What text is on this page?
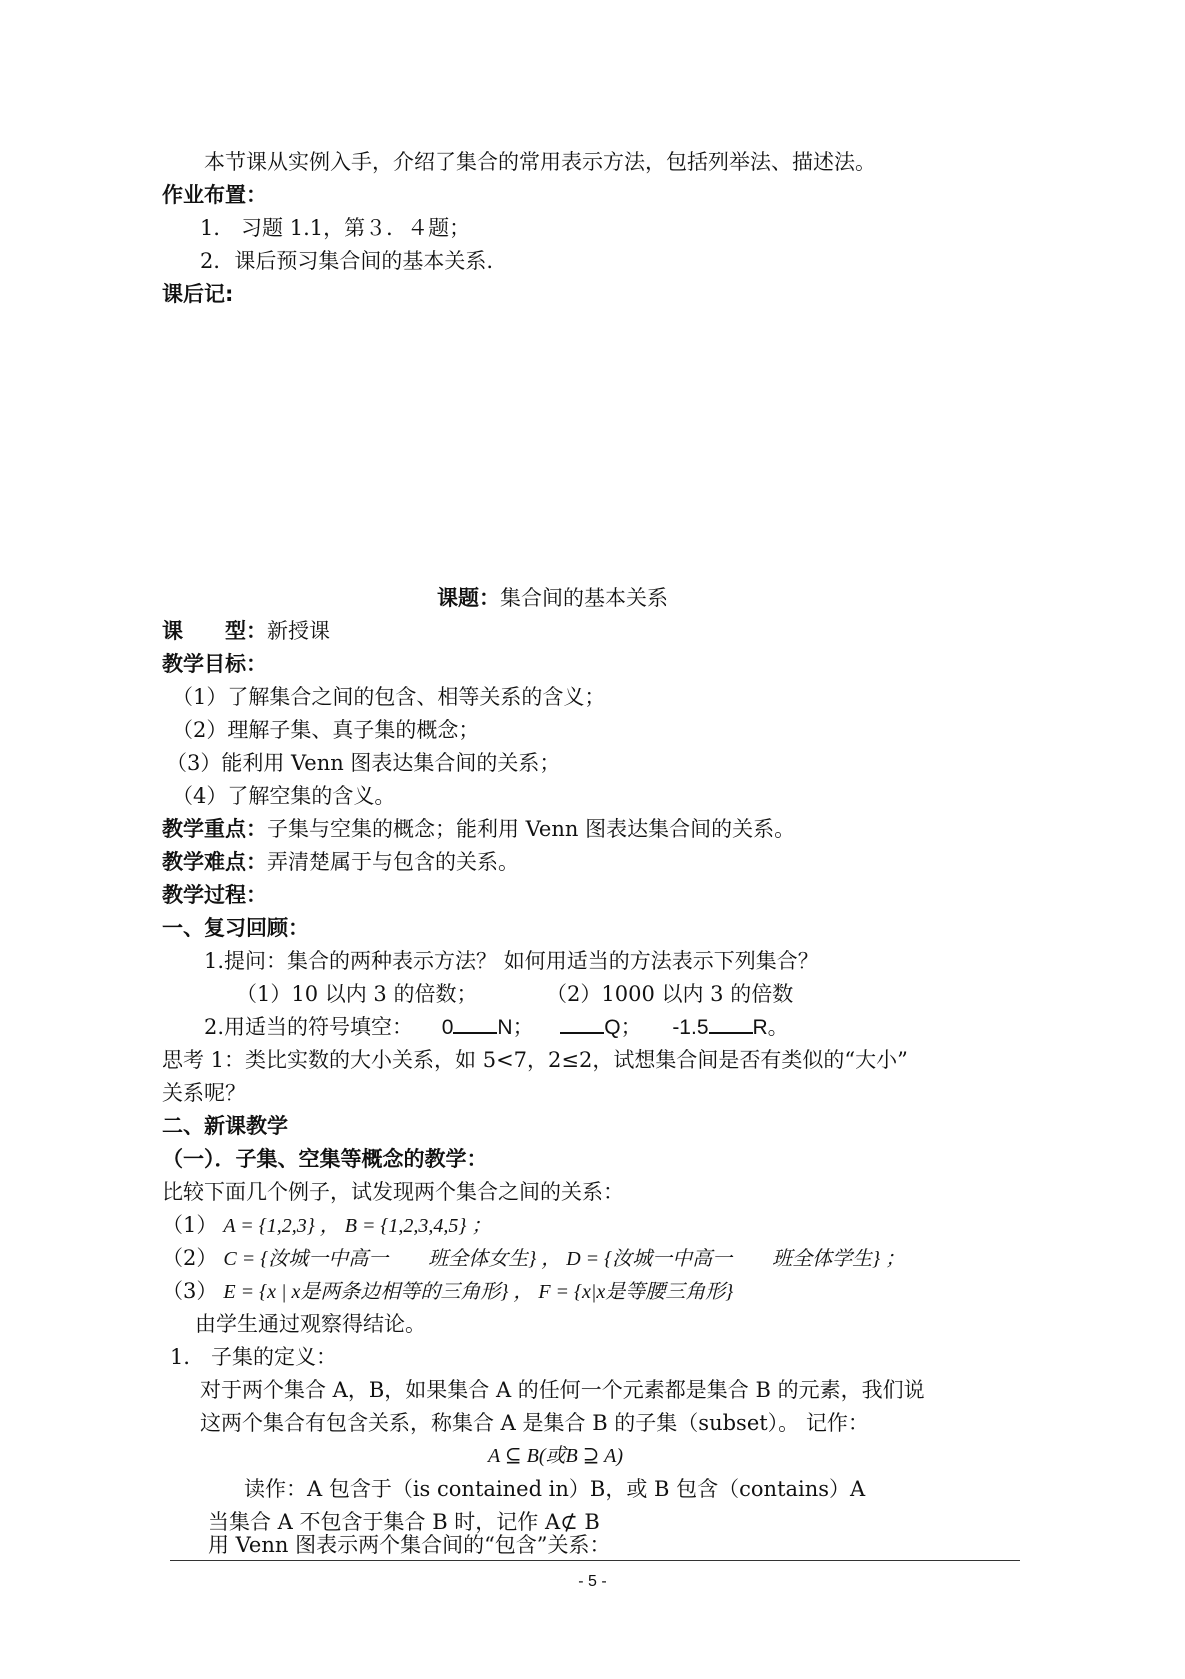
本节课从实例入手，介绍了集合的常用表示方法，包括列举法、描述法。
作业布置：
1． 习题 1.1，第３．４题；
2．课后预习集合间的基本关系.
课后记:
课题：集合间的基本关系
课　　型：新授课
教学目标：
（1）了解集合之间的包含、相等关系的含义；
（2）理解子集、真子集的概念；
（3）能利用 Venn 图表达集合间的关系；
（4）了解空集的含义。
教学重点：子集与空集的概念；能利用 Venn 图表达集合间的关系。
教学难点：弄清楚属于与包含的关系。
教学过程：
一、复习回顾：
1.提问：集合的两种表示方法？ 如何用适当的方法表示下列集合？
（1）10 以内 3 的倍数；	（2）1000 以内 3 的倍数
2.用适当的符号填空： 0 N；	Q； -1.5 R。
思考 1：类比实数的大小关系，如 5<7，2≤2，试想集合间是否有类似的“大小”
关系呢？
二、新课教学
（一）．子集、空集等概念的教学：
比较下面几个例子，试发现两个集合之间的关系：
（1） A = {1,2,3} ， B = {1,2,3,4,5} ；
（2） C = {汝城一中高一　　班全体女生} ， D = {汝城一中高一　　班全体学生} ；
（3） E = {x | x是两条边相等的三角形} ， F = {x|x是等腰三角形}
由学生通过观察得结论。
1． 子集的定义：
对于两个集合 A，B，如果集合 A 的任何一个元素都是集合 B 的元素，我们说
这两个集合有包含关系，称集合 A 是集合 B 的子集（subset）。 记作：
A ⊆ B(或B ⊇ A)
读作：A 包含于（is contained in）B，或 B 包含（contains）A
当集合 A 不包含于集合 B 时，记作 A⊄ B
用 Venn 图表示两个集合间的“包含”关系：
- 5 -
